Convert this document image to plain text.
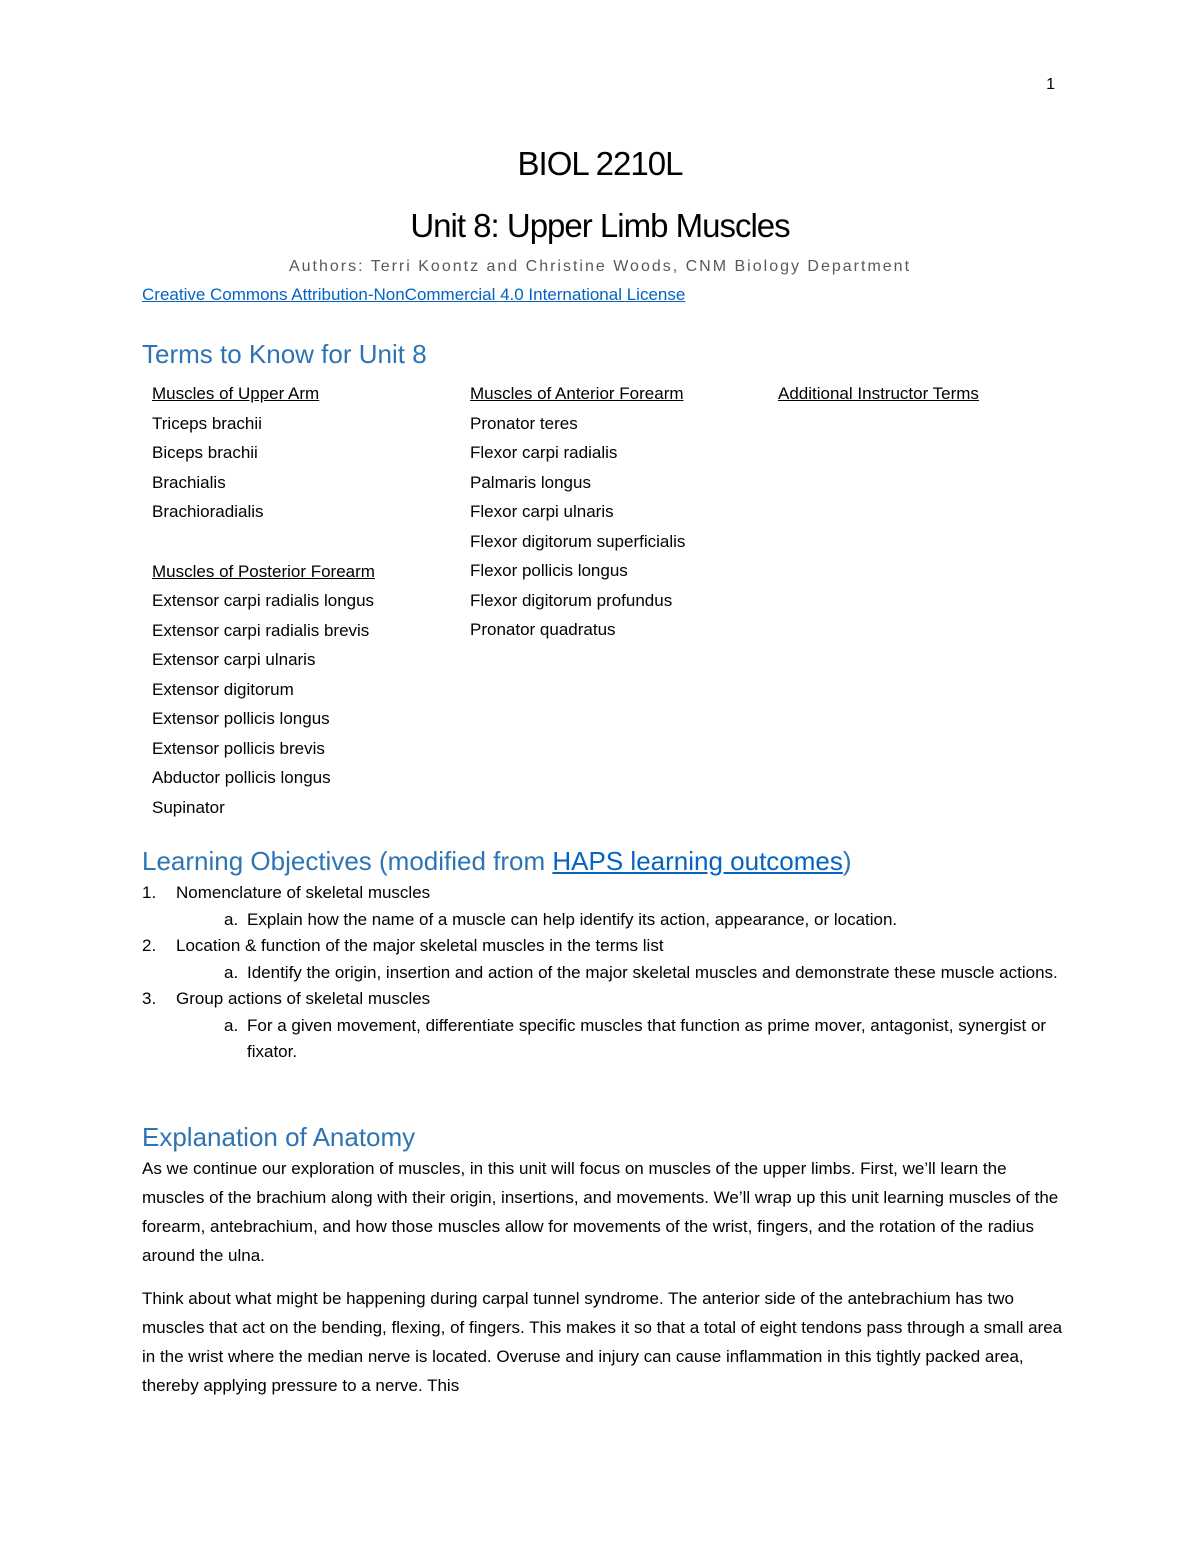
1
BIOL 2210L
Unit 8: Upper Limb Muscles
Authors: Terri Koontz and Christine Woods, CNM Biology Department
Creative Commons Attribution-NonCommercial 4.0 International License
Terms to Know for Unit 8
Muscles of Upper Arm
Triceps brachii
Biceps brachii
Brachialis
Brachioradialis
Muscles of Posterior Forearm
Extensor carpi radialis longus
Extensor carpi radialis brevis
Extensor carpi ulnaris
Extensor digitorum
Extensor pollicis longus
Extensor pollicis brevis
Abductor pollicis longus
Supinator
Muscles of Anterior Forearm
Pronator teres
Flexor carpi radialis
Palmaris longus
Flexor carpi ulnaris
Flexor digitorum superficialis
Flexor pollicis longus
Flexor digitorum profundus
Pronator quadratus
Additional Instructor Terms
Learning Objectives (modified from HAPS learning outcomes)
1. Nomenclature of skeletal muscles
a. Explain how the name of a muscle can help identify its action, appearance, or location.
2. Location & function of the major skeletal muscles in the terms list
a. Identify the origin, insertion and action of the major skeletal muscles and demonstrate these muscle actions.
3. Group actions of skeletal muscles
a. For a given movement, differentiate specific muscles that function as prime mover, antagonist, synergist or fixator.
Explanation of Anatomy

As we continue our exploration of muscles, in this unit will focus on muscles of the upper limbs. First, we’ll learn the muscles of the brachium along with their origin, insertions, and movements. We’ll wrap up this unit learning muscles of the forearm, antebrachium, and how those muscles allow for movements of the wrist, fingers, and the rotation of the radius around the ulna.

Think about what might be happening during carpal tunnel syndrome. The anterior side of the antebrachium has two muscles that act on the bending, flexing, of fingers. This makes it so that a total of eight tendons pass through a small area in the wrist where the median nerve is located. Overuse and injury can cause inflammation in this tightly packed area, thereby applying pressure to a nerve. This
